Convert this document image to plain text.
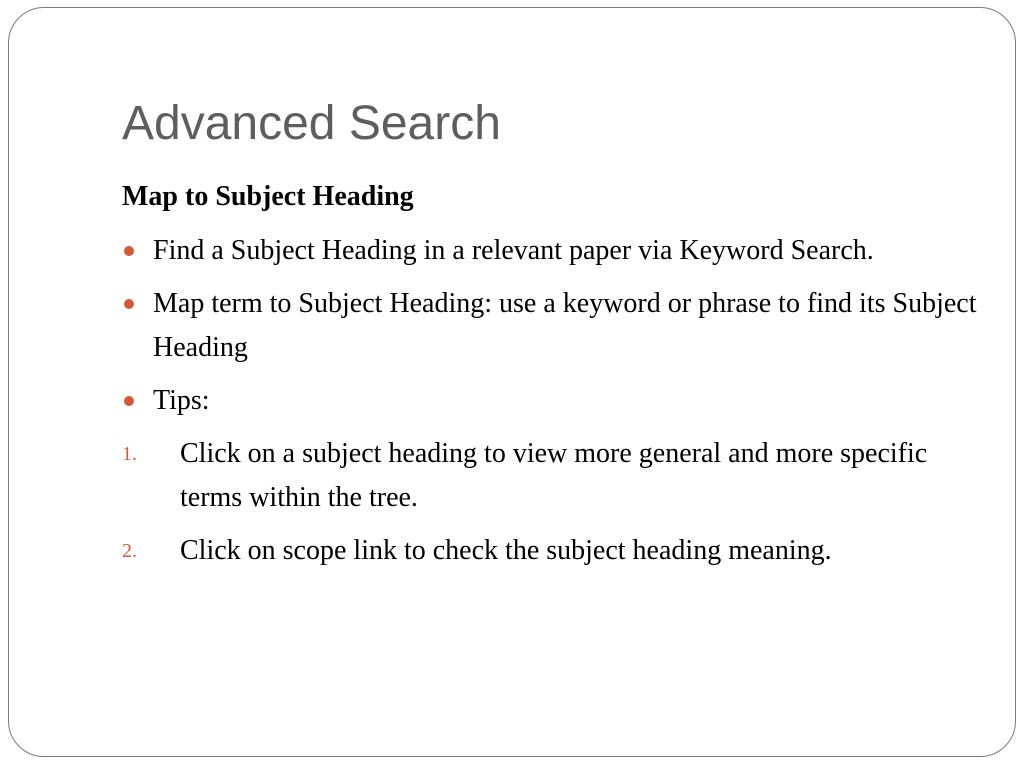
Advanced Search
Map to Subject Heading
Find a Subject Heading in a relevant paper via Keyword Search.
Map term to Subject Heading: use a keyword or phrase to find its Subject Heading
Tips:
1. Click on a subject heading to view more general and more specific terms within the tree.
2. Click on scope link to check the subject heading meaning.
